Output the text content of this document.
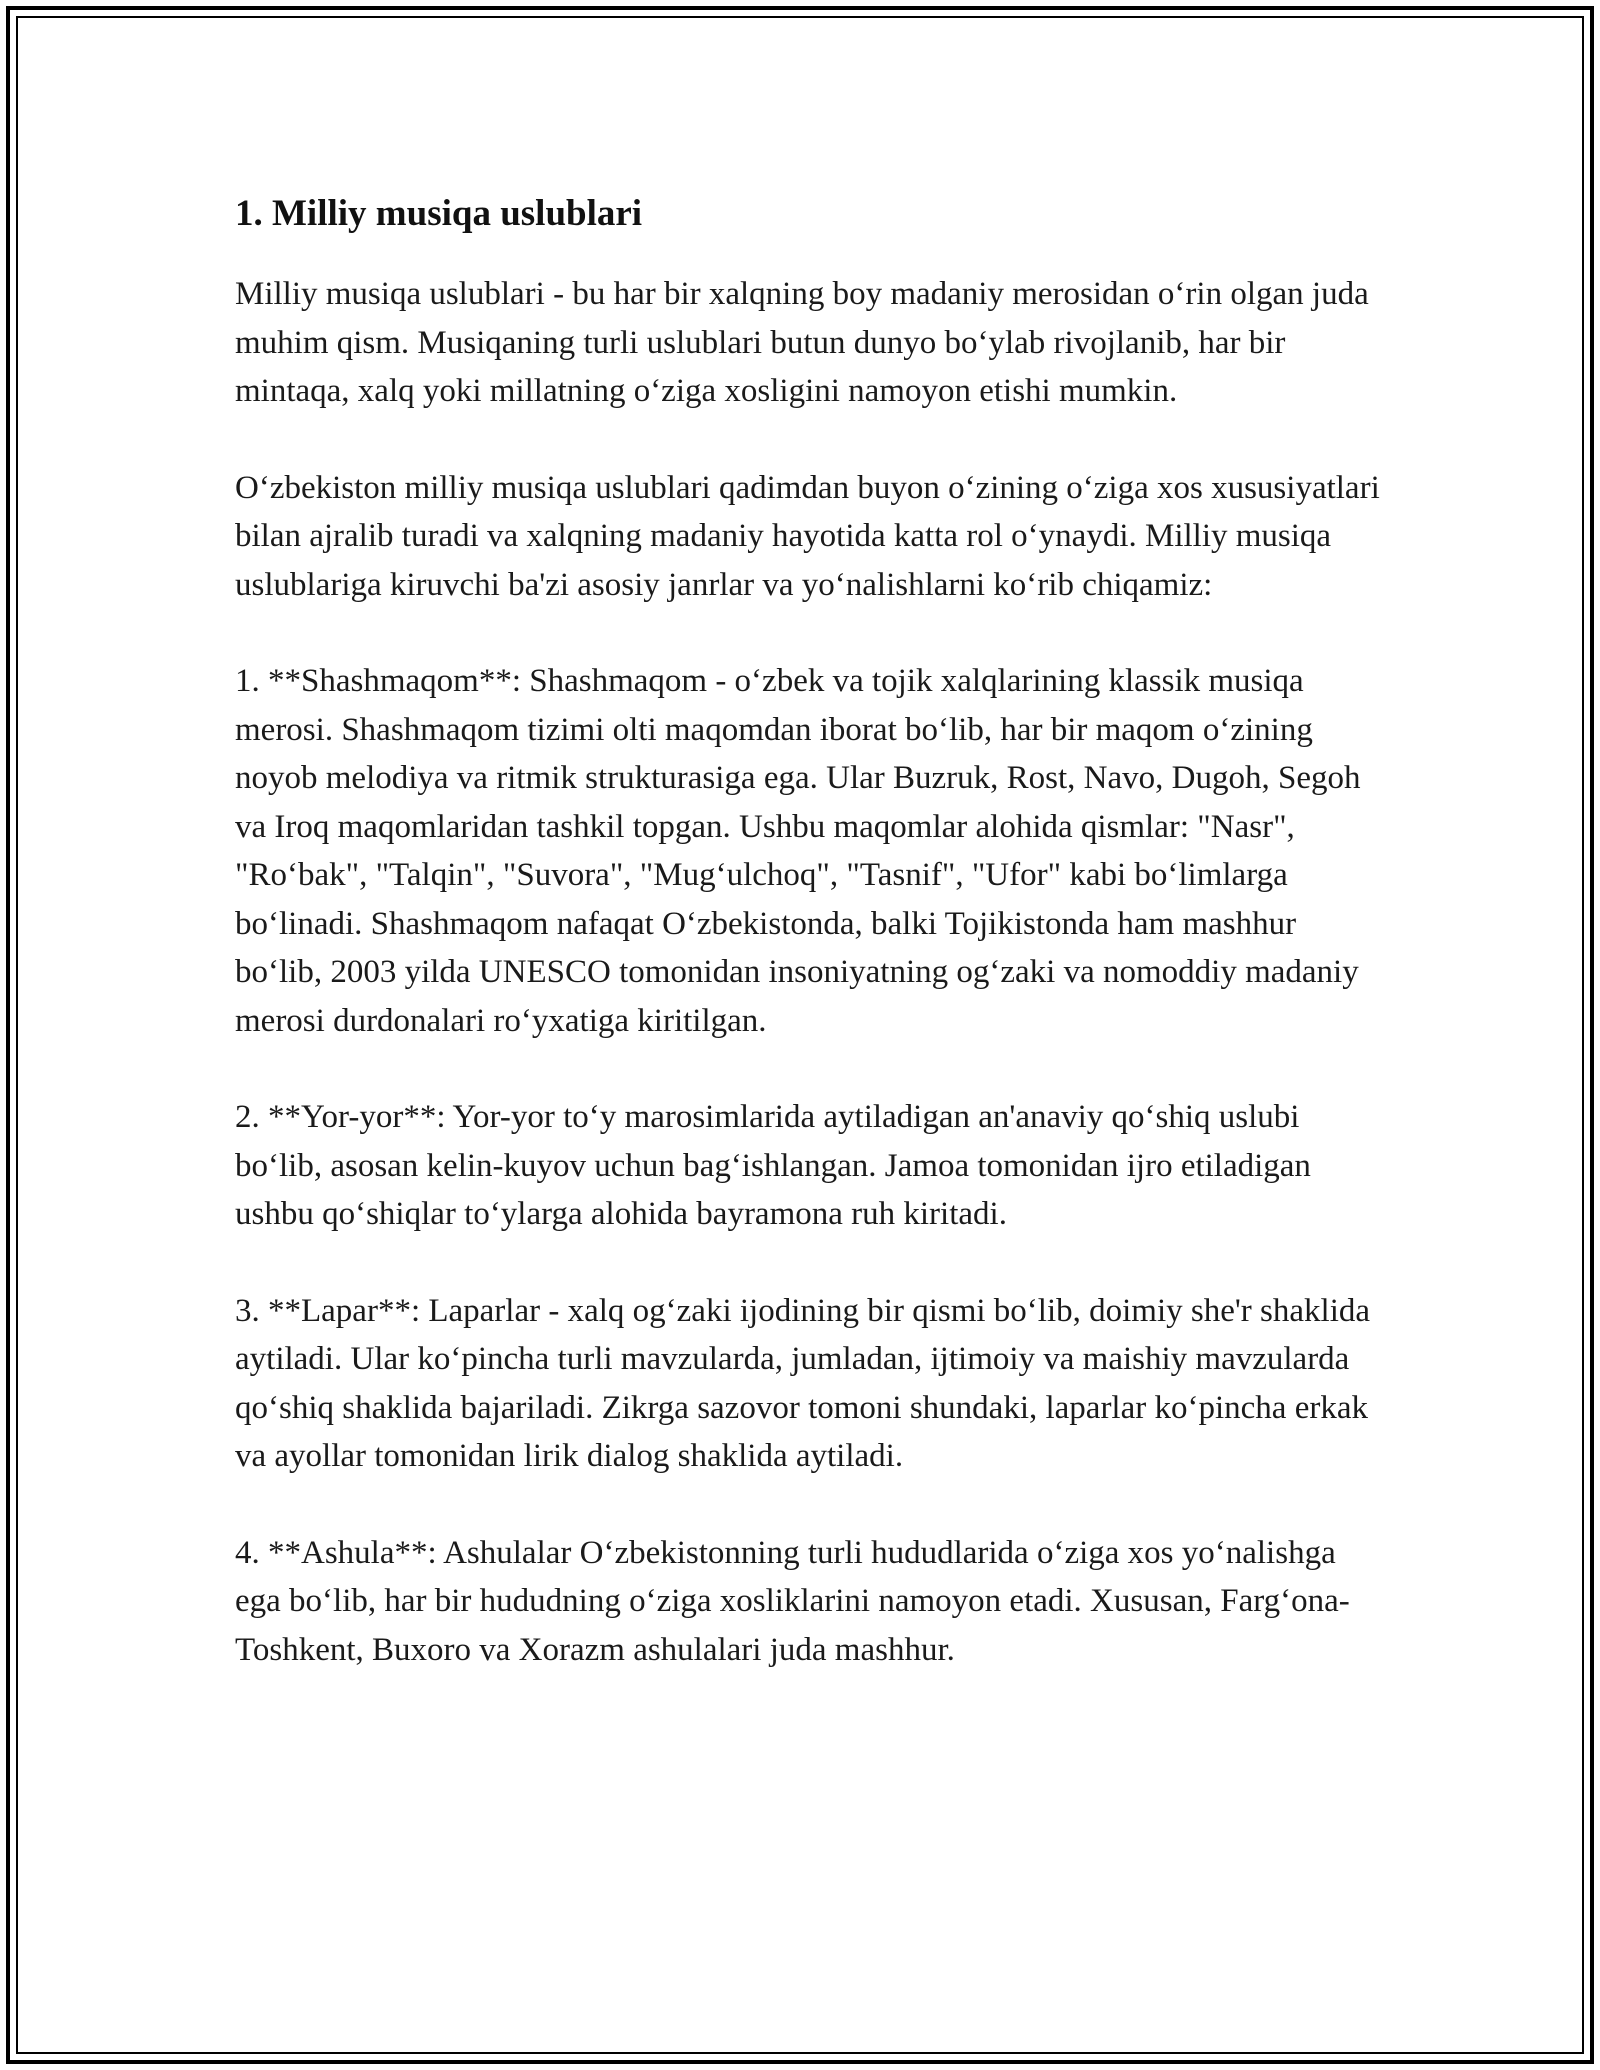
1. Milliy musiqa uslublari

Milliy musiqa uslublari - bu har bir xalqning boy madaniy merosidan o‘rin olgan juda muhim qism. Musiqaning turli uslublari butun dunyo bo‘ylab rivojlanib, har bir mintaqa, xalq yoki millatning o‘ziga xosligini namoyon etishi mumkin.

O‘zbekiston milliy musiqa uslublari qadimdan buyon o‘zining o‘ziga xos xususiyatlari bilan ajralib turadi va xalqning madaniy hayotida katta rol o‘ynaydi. Milliy musiqa uslublariga kiruvchi ba'zi asosiy janrlar va yo‘nalishlarni ko‘rib chiqamiz:

1. **Shashmaqom**: Shashmaqom - o‘zbek va tojik xalqlarining klassik musiqa merosi. Shashmaqom tizimi olti maqomdan iborat bo‘lib, har bir maqom o‘zining noyob melodiya va ritmik strukturasiga ega. Ular Buzruk, Rost, Navo, Dugoh, Segoh va Iroq maqomlaridan tashkil topgan. Ushbu maqomlar alohida qismlar: "Nasr", "Ro‘bak", "Talqin", "Suvora", "Mug‘ulchoq", "Tasnif", "Ufor" kabi bo‘limlarga bo‘linadi. Shashmaqom nafaqat O‘zbekistonda, balki Tojikistonda ham mashhur bo‘lib, 2003 yilda UNESCO tomonidan insoniyatning og‘zaki va nomoddiy madaniy merosi durdonalari ro‘yxatiga kiritilgan.

2. **Yor-yor**: Yor-yor to‘y marosimlarida aytiladigan an'anaviy qo‘shiq uslubi bo‘lib, asosan kelin-kuyov uchun bag‘ishlangan. Jamoa tomonidan ijro etiladigan ushbu qo‘shiqlar to‘ylarga alohida bayramona ruh kiritadi.

3. **Lapar**: Laparlar - xalq og‘zaki ijodining bir qismi bo‘lib, doimiy she'r shaklida aytiladi. Ular ko‘pincha turli mavzularda, jumladan, ijtimoiy va maishiy mavzularda qo‘shiq shaklida bajariladi. Zikrga sazovor tomoni shundaki, laparlar ko‘pincha erkak va ayollar tomonidan lirik dialog shaklida aytiladi.

4. **Ashula**: Ashulalar O‘zbekistonning turli hududlarida o‘ziga xos yo‘nalishga ega bo‘lib, har bir hududning o‘ziga xosliklarini namoyon etadi. Xususan, Farg‘ona-Toshkent, Buxoro va Xorazm ashulalari juda mashhur.
